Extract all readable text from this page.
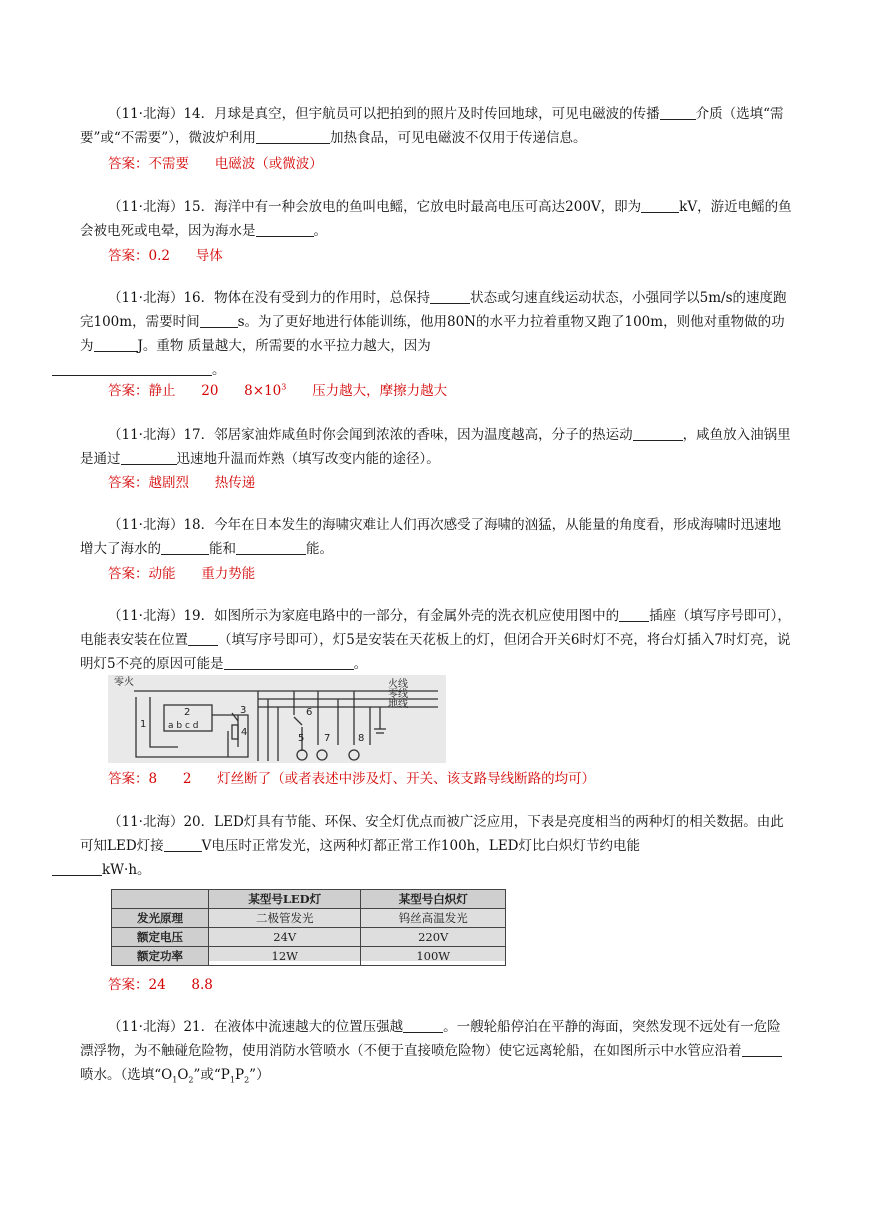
（11·北海）14．月球是真空，但宇航员可以把拍到的照片及时传回地球，可见电磁波的传播	介质（选填“需要”或“不需要”），微波炉利用	加热食品，可见电磁波不仅用于传递信息。

答案：不需要      电磁波（或微波）

（11·北海）15．海洋中有一种会放电的鱼叫电鳐，它放电时最高电压可高达200V，即为	kV，游近电鳐的鱼会被电死或电晕，因为海水是	。

答案：0.2      导体

（11·北海）16．物体在没有受到力的作用时，总保持	状态或匀速直线运动状态，小强同学以5m/s的速度跑完100m，需要时间	s。为了更好地进行体能训练，他用80N的水平力拉着重物又跑了100m，则他对重物做的功为	J。重物 质量越大，所需要的水平拉力越大，因为
。

答案：静止      20      $8\times 10^3$      压力越大，摩擦力越大

（11·北海）17．邻居家油炸咸鱼时你会闻到浓浓的香味，因为温度越高，分子的热运动	，咸鱼放入油锅里是通过	迅速地升温而炸熟（填写改变内能的途径）。

答案：越剧烈      热传递

（11·北海）18．今年在日本发生的海啸灾难让人们再次感受了海啸的汹猛，从能量的角度看，形成海啸时迅速地增大了海水的	能和	能。

答案：动能      重力势能

（11·北海）19．如图所示为家庭电路中的一部分，有金属外壳的洗衣机应使用图中的 插座（填写序号即可），电能表安装在位置 （填写序号即可），灯5是安装在天花板上的灯，但闭合开关6时灯不亮，将台灯插入7时灯亮，说明灯5不亮的原因可能是	。

零火	火线
零线
地线
1
2
a b c d
3
4
5
6
7	8
答案：8      2      灯丝断了（或者表述中涉及灯、开关、该支路导线断路的均可）

（11·北海）20．LED灯具有节能、环保、安全灯优点而被广泛应用，下表是亮度相当的两种灯的相关数据。由此可知LED灯接	V电压时正常发光，这两种灯都正常工作100h，LED灯比白炽灯节约电能
kW·h。

	某型号LED灯	某型号白炽灯
发光原理	二极管发光	钨丝高温发光
额定电压	24V	220V
额定功率	12W	100W
答案：24      8.8

（11·北海）21．在液体中流速越大的位置压强越	。一艘轮船停泊在平静的海面，突然发现不远处有一危险漂浮物，为不触碰危险物，使用消防水管喷水（不便于直接喷危险物）使它远离轮船，在如图所示中水管应沿着喷水。（选填“$O_1O_2$”或“$P_1P_2$”）
